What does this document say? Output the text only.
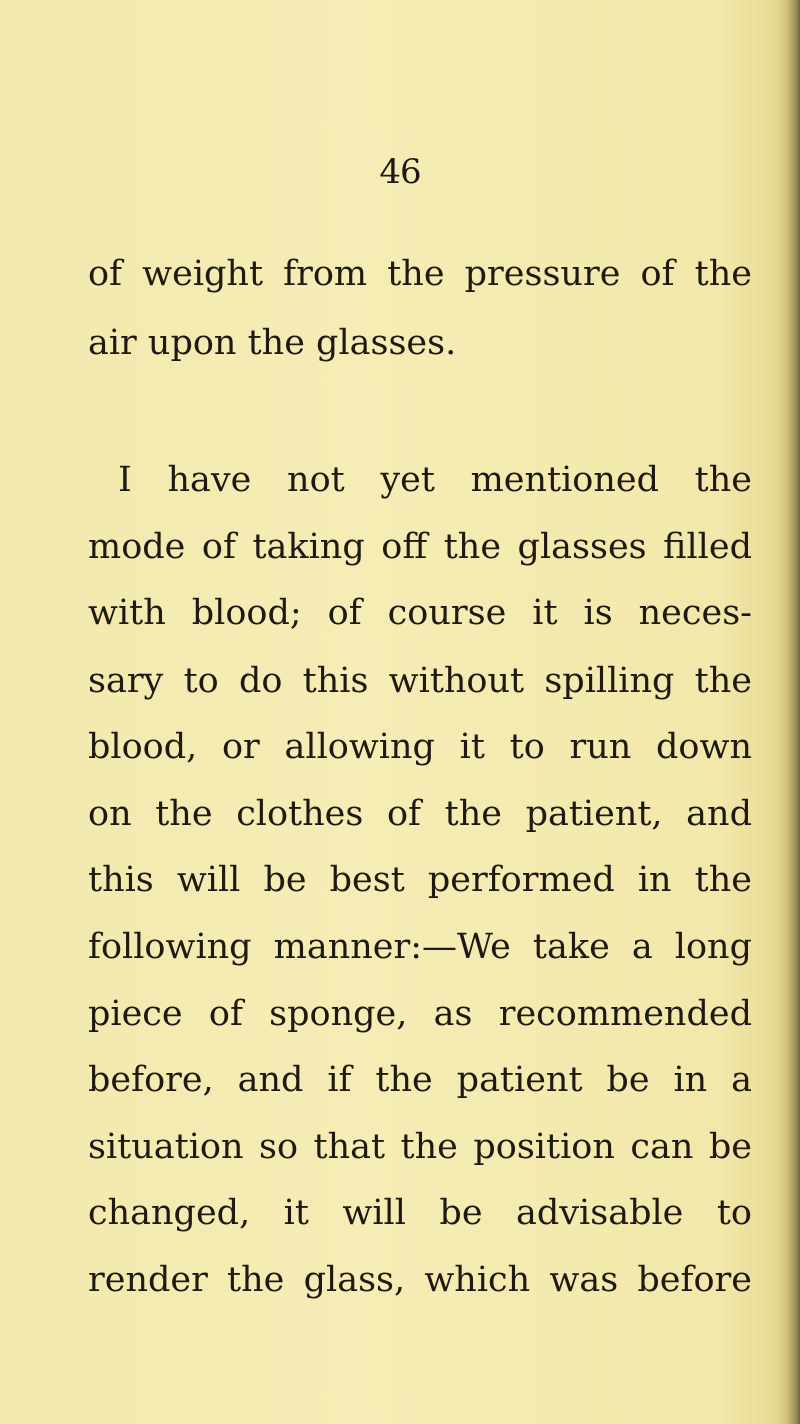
46
of weight from the pressure of the
air upon the glasses.
I have not yet mentioned the
mode of taking off the glasses filled
with blood; of course it is neces-
sary to do this without spilling the
blood, or allowing it to run down
on the clothes of the patient, and
this will be best performed in the
following manner:—We take a long
piece of sponge, as recommended
before, and if the patient be in a
situation so that the position can be
changed, it will be advisable to
render the glass, which was before
